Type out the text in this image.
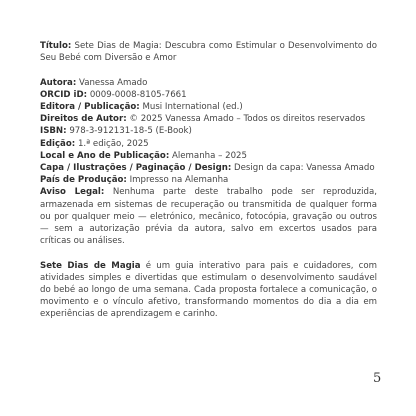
Título: Sete Dias de Magia: Descubra como Estimular o Desenvolvimento do Seu Bebé com Diversão e Amor

Autora: Vanessa Amado

ORCID iD: 0009-0008-8105-7661

Editora / Publicação: Musi International (ed.)

Direitos de Autor: © 2025 Vanessa Amado – Todos os direitos reservados

ISBN: 978-3-912131-18-5 (E-Book)

Edição: 1.ª edição, 2025

Local e Ano de Publicação: Alemanha – 2025

Capa / Ilustrações / Paginação / Design: Design da capa: Vanessa Amado

País de Produção: Impresso na Alemanha

Aviso Legal: Nenhuma parte deste trabalho pode ser reproduzida, armazenada em sistemas de recuperação ou transmitida de qualquer forma ou por qualquer meio — eletrónico, mecânico, fotocópia, gravação ou outros — sem a autorização prévia da autora, salvo em excertos usados para críticas ou análises.

Sete Dias de Magia é um guia interativo para pais e cuidadores, com atividades simples e divertidas que estimulam o desenvolvimento saudável do bebé ao longo de uma semana. Cada proposta fortalece a comunicação, o movimento e o vínculo afetivo, transformando momentos do dia a dia em experiências de aprendizagem e carinho.

5
